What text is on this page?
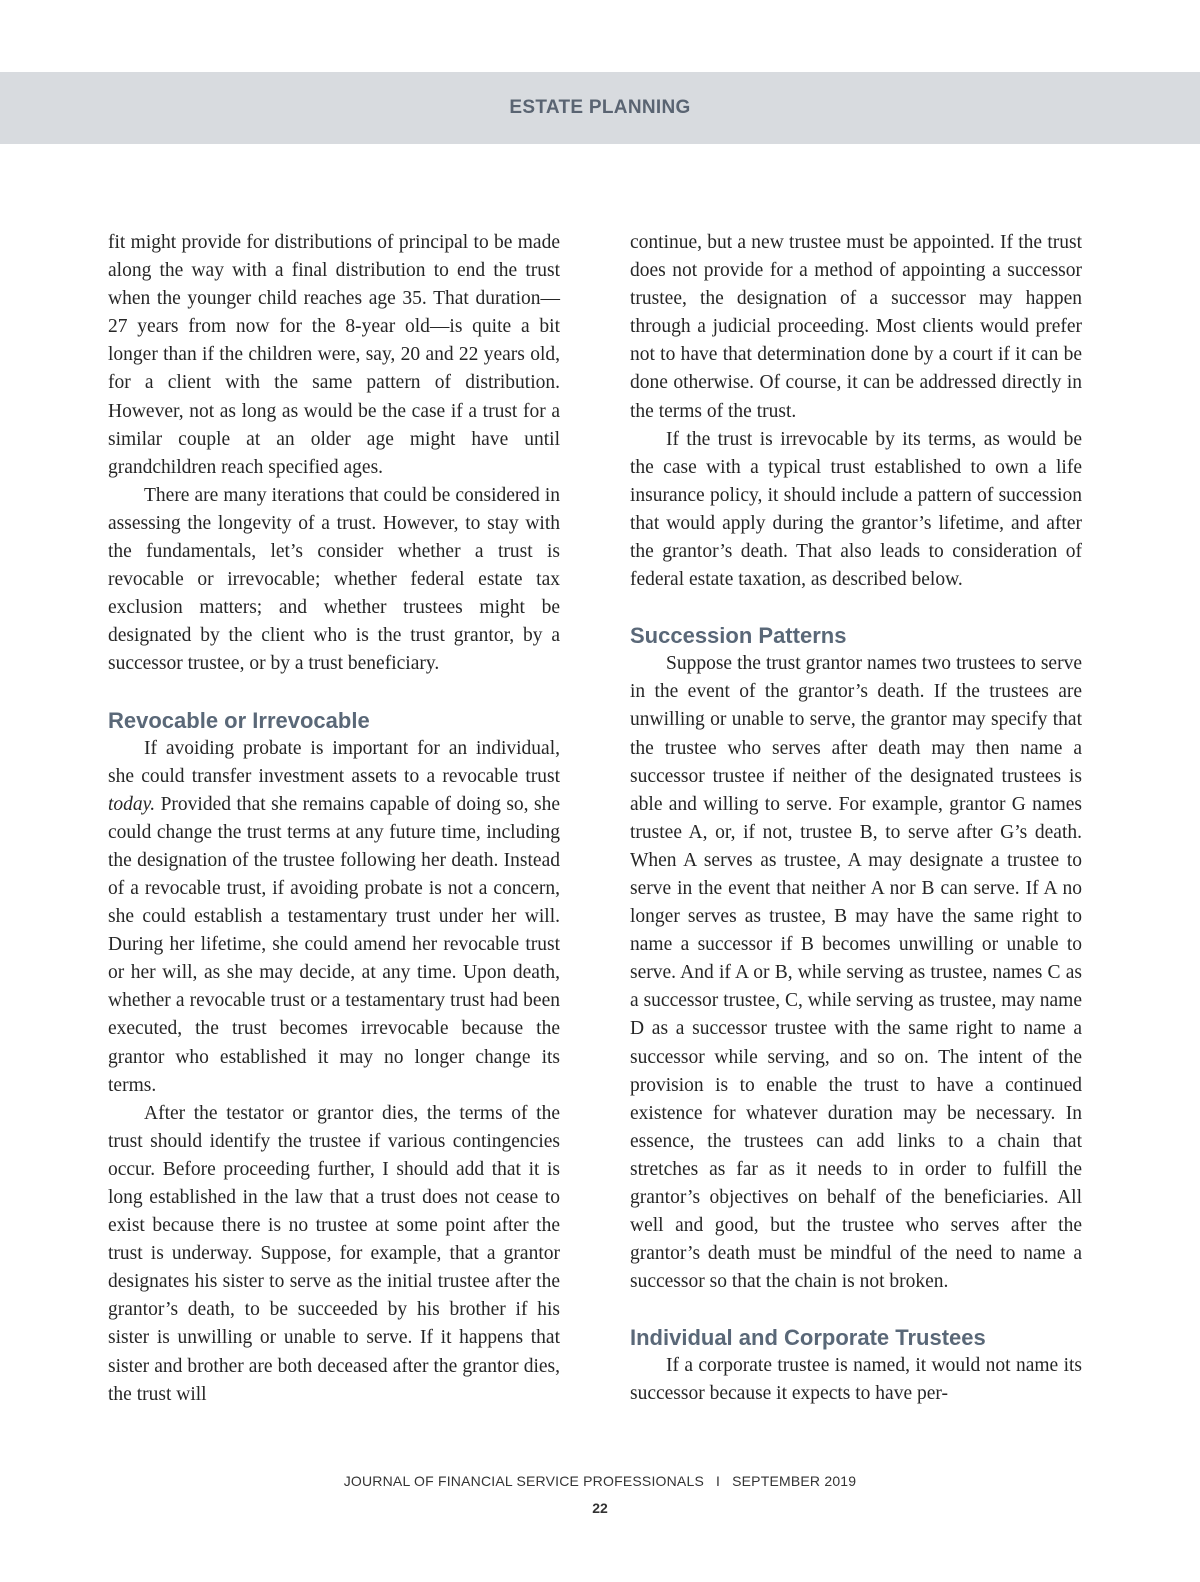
ESTATE PLANNING

fit might provide for distributions of principal to be made along the way with a final distribution to end the trust when the younger child reaches age 35. That duration—27 years from now for the 8-year old—is quite a bit longer than if the children were, say, 20 and 22 years old, for a client with the same pattern of distribution. However, not as long as would be the case if a trust for a similar couple at an older age might have until grandchildren reach specified ages.

There are many iterations that could be considered in assessing the longevity of a trust. However, to stay with the fundamentals, let’s consider whether a trust is revocable or irrevocable; whether federal estate tax exclusion matters; and whether trustees might be designated by the client who is the trust grantor, by a successor trustee, or by a trust beneficiary.

Revocable or Irrevocable

If avoiding probate is important for an individual, she could transfer investment assets to a revocable trust today. Provided that she remains capable of doing so, she could change the trust terms at any future time, including the designation of the trustee following her death. Instead of a revocable trust, if avoiding probate is not a concern, she could establish a testamentary trust under her will. During her lifetime, she could amend her revocable trust or her will, as she may decide, at any time. Upon death, whether a revocable trust or a testamentary trust had been executed, the trust becomes irrevocable because the grantor who established it may no longer change its terms.

After the testator or grantor dies, the terms of the trust should identify the trustee if various contingencies occur. Before proceeding further, I should add that it is long established in the law that a trust does not cease to exist because there is no trustee at some point after the trust is underway. Suppose, for example, that a grantor designates his sister to serve as the initial trustee after the grantor’s death, to be succeeded by his brother if his sister is unwilling or unable to serve. If it happens that sister and brother are both deceased after the grantor dies, the trust will

continue, but a new trustee must be appointed. If the trust does not provide for a method of appointing a successor trustee, the designation of a successor may happen through a judicial proceeding. Most clients would prefer not to have that determination done by a court if it can be done otherwise. Of course, it can be addressed directly in the terms of the trust.

If the trust is irrevocable by its terms, as would be the case with a typical trust established to own a life insurance policy, it should include a pattern of succession that would apply during the grantor’s lifetime, and after the grantor’s death. That also leads to consideration of federal estate taxation, as described below.

Succession Patterns

Suppose the trust grantor names two trustees to serve in the event of the grantor’s death. If the trustees are unwilling or unable to serve, the grantor may specify that the trustee who serves after death may then name a successor trustee if neither of the designated trustees is able and willing to serve. For example, grantor G names trustee A, or, if not, trustee B, to serve after G’s death. When A serves as trustee, A may designate a trustee to serve in the event that neither A nor B can serve. If A no longer serves as trustee, B may have the same right to name a successor if B becomes unwilling or unable to serve. And if A or B, while serving as trustee, names C as a successor trustee, C, while serving as trustee, may name D as a successor trustee with the same right to name a successor while serving, and so on. The intent of the provision is to enable the trust to have a continued existence for whatever duration may be necessary. In essence, the trustees can add links to a chain that stretches as far as it needs to in order to fulfill the grantor’s objectives on behalf of the beneficiaries. All well and good, but the trustee who serves after the grantor’s death must be mindful of the need to name a successor so that the chain is not broken.

Individual and Corporate Trustees

If a corporate trustee is named, it would not name its successor because it expects to have per-

JOURNAL OF FINANCIAL SERVICE PROFESSIONALS I SEPTEMBER 2019
22
